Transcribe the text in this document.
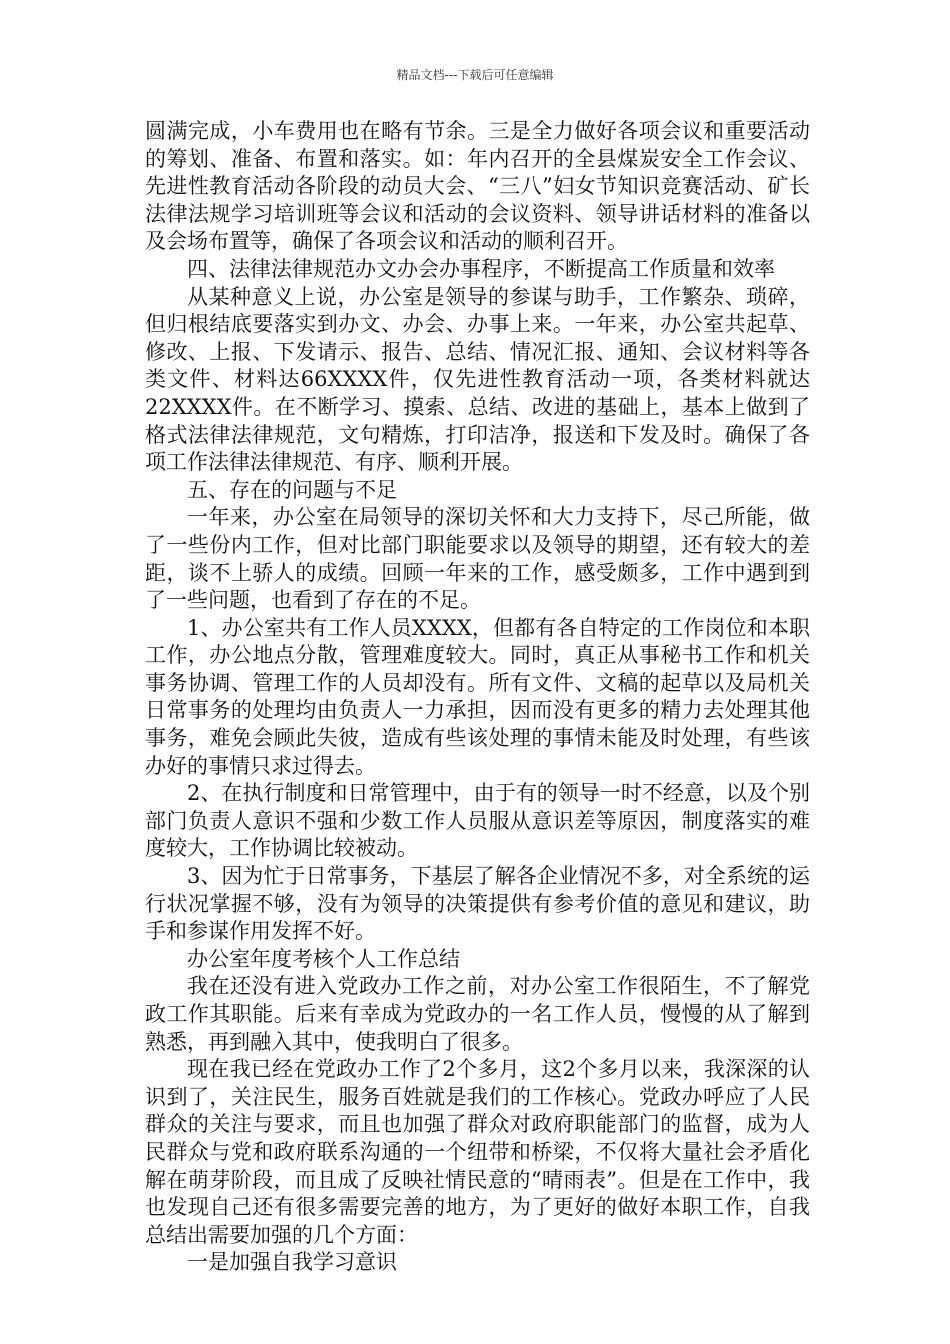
精品文档---下载后可任意编辑

圆满完成，小车费用也在略有节余。三是全力做好各项会议和重要活动的筹划、准备、布置和落实。如：年内召开的全县煤炭安全工作会议、先进性教育活动各阶段的动员大会、“三八”妇女节知识竞赛活动、矿长法律法规学习培训班等会议和活动的会议资料、领导讲话材料的准备以及会场布置等，确保了各项会议和活动的顺利召开。

四、法律法律规范办文办会办事程序，不断提高工作质量和效率

从某种意义上说，办公室是领导的参谋与助手，工作繁杂、琐碎，但归根结底要落实到办文、办会、办事上来。一年来，办公室共起草、修改、上报、下发请示、报告、总结、情况汇报、通知、会议材料等各类文件、材料达66XXXX件，仅先进性教育活动一项，各类材料就达22XXXX件。在不断学习、摸索、总结、改进的基础上，基本上做到了格式法律法律规范，文句精炼，打印洁净，报送和下发及时。确保了各项工作法律法律规范、有序、顺利开展。

五、存在的问题与不足

一年来，办公室在局领导的深切关怀和大力支持下，尽己所能，做了一些份内工作，但对比部门职能要求以及领导的期望，还有较大的差距，谈不上骄人的成绩。回顾一年来的工作，感受颇多，工作中遇到到了一些问题，也看到了存在的不足。

1、办公室共有工作人员XXXX，但都有各自特定的工作岗位和本职工作，办公地点分散，管理难度较大。同时，真正从事秘书工作和机关事务协调、管理工作的人员却没有。所有文件、文稿的起草以及局机关日常事务的处理均由负责人一力承担，因而没有更多的精力去处理其他事务，难免会顾此失彼，造成有些该处理的事情未能及时处理，有些该办好的事情只求过得去。

2、在执行制度和日常管理中，由于有的领导一时不经意，以及个别部门负责人意识不强和少数工作人员服从意识差等原因，制度落实的难度较大，工作协调比较被动。

3、因为忙于日常事务，下基层了解各企业情况不多，对全系统的运行状况掌握不够，没有为领导的决策提供有参考价值的意见和建议，助手和参谋作用发挥不好。

办公室年度考核个人工作总结

我在还没有进入党政办工作之前，对办公室工作很陌生，不了解党政工作其职能。后来有幸成为党政办的一名工作人员，慢慢的从了解到熟悉，再到融入其中，使我明白了很多。

现在我已经在党政办工作了2个多月，这2个多月以来，我深深的认识到了，关注民生，服务百姓就是我们的工作核心。党政办呼应了人民群众的关注与要求，而且也加强了群众对政府职能部门的监督，成为人民群众与党和政府联系沟通的一个纽带和桥梁，不仅将大量社会矛盾化解在萌芽阶段，而且成了反映社情民意的“晴雨表”。但是在工作中，我也发现自己还有很多需要完善的地方，为了更好的做好本职工作，自我总结出需要加强的几个方面：

一是加强自我学习意识
